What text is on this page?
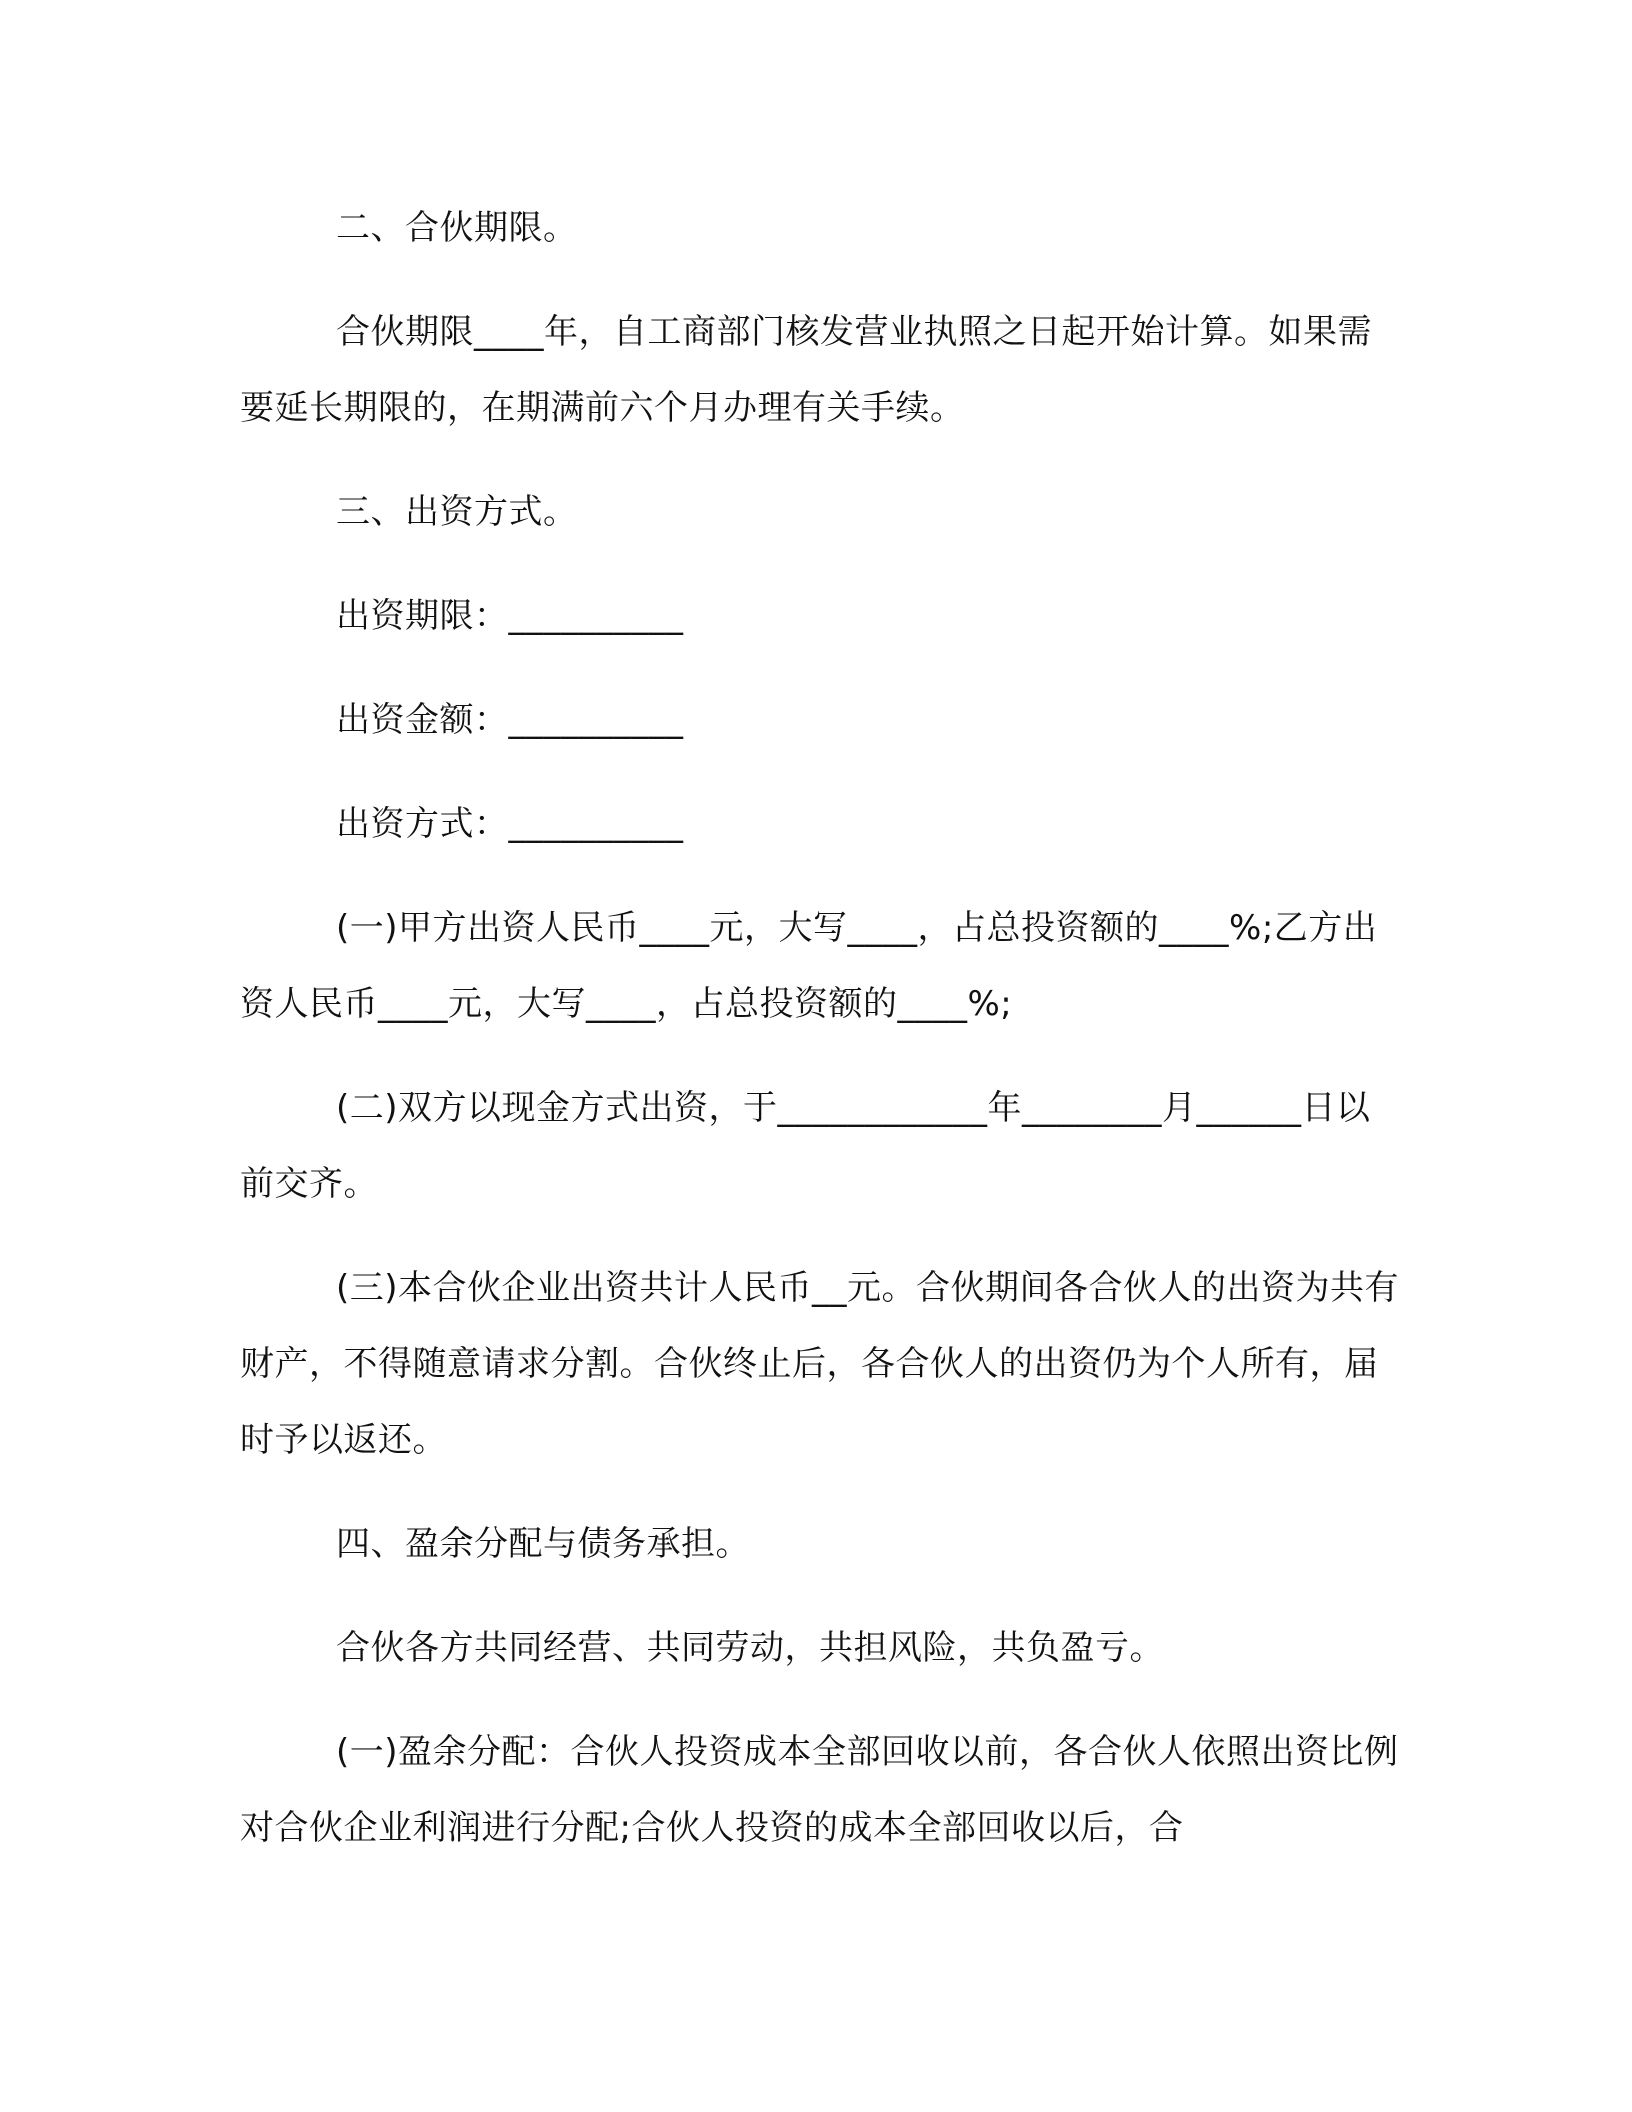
二、合伙期限。

合伙期限____年，自工商部门核发营业执照之日起开始计算。如果需要延长期限的，在期满前六个月办理有关手续。

三、出资方式。

出资期限：__________

出资金额：__________

出资方式：__________

(一)甲方出资人民币____元，大写____，占总投资额的____%;乙方出资人民币____元，大写____，占总投资额的____%;

(二)双方以现金方式出资，于____________年________月______日以前交齐。

(三)本合伙企业出资共计人民币__元。合伙期间各合伙人的出资为共有财产，不得随意请求分割。合伙终止后，各合伙人的出资仍为个人所有，届时予以返还。

四、盈余分配与债务承担。

合伙各方共同经营、共同劳动，共担风险，共负盈亏。

(一)盈余分配：合伙人投资成本全部回收以前，各合伙人依照出资比例对合伙企业利润进行分配;合伙人投资的成本全部回收以后，合
